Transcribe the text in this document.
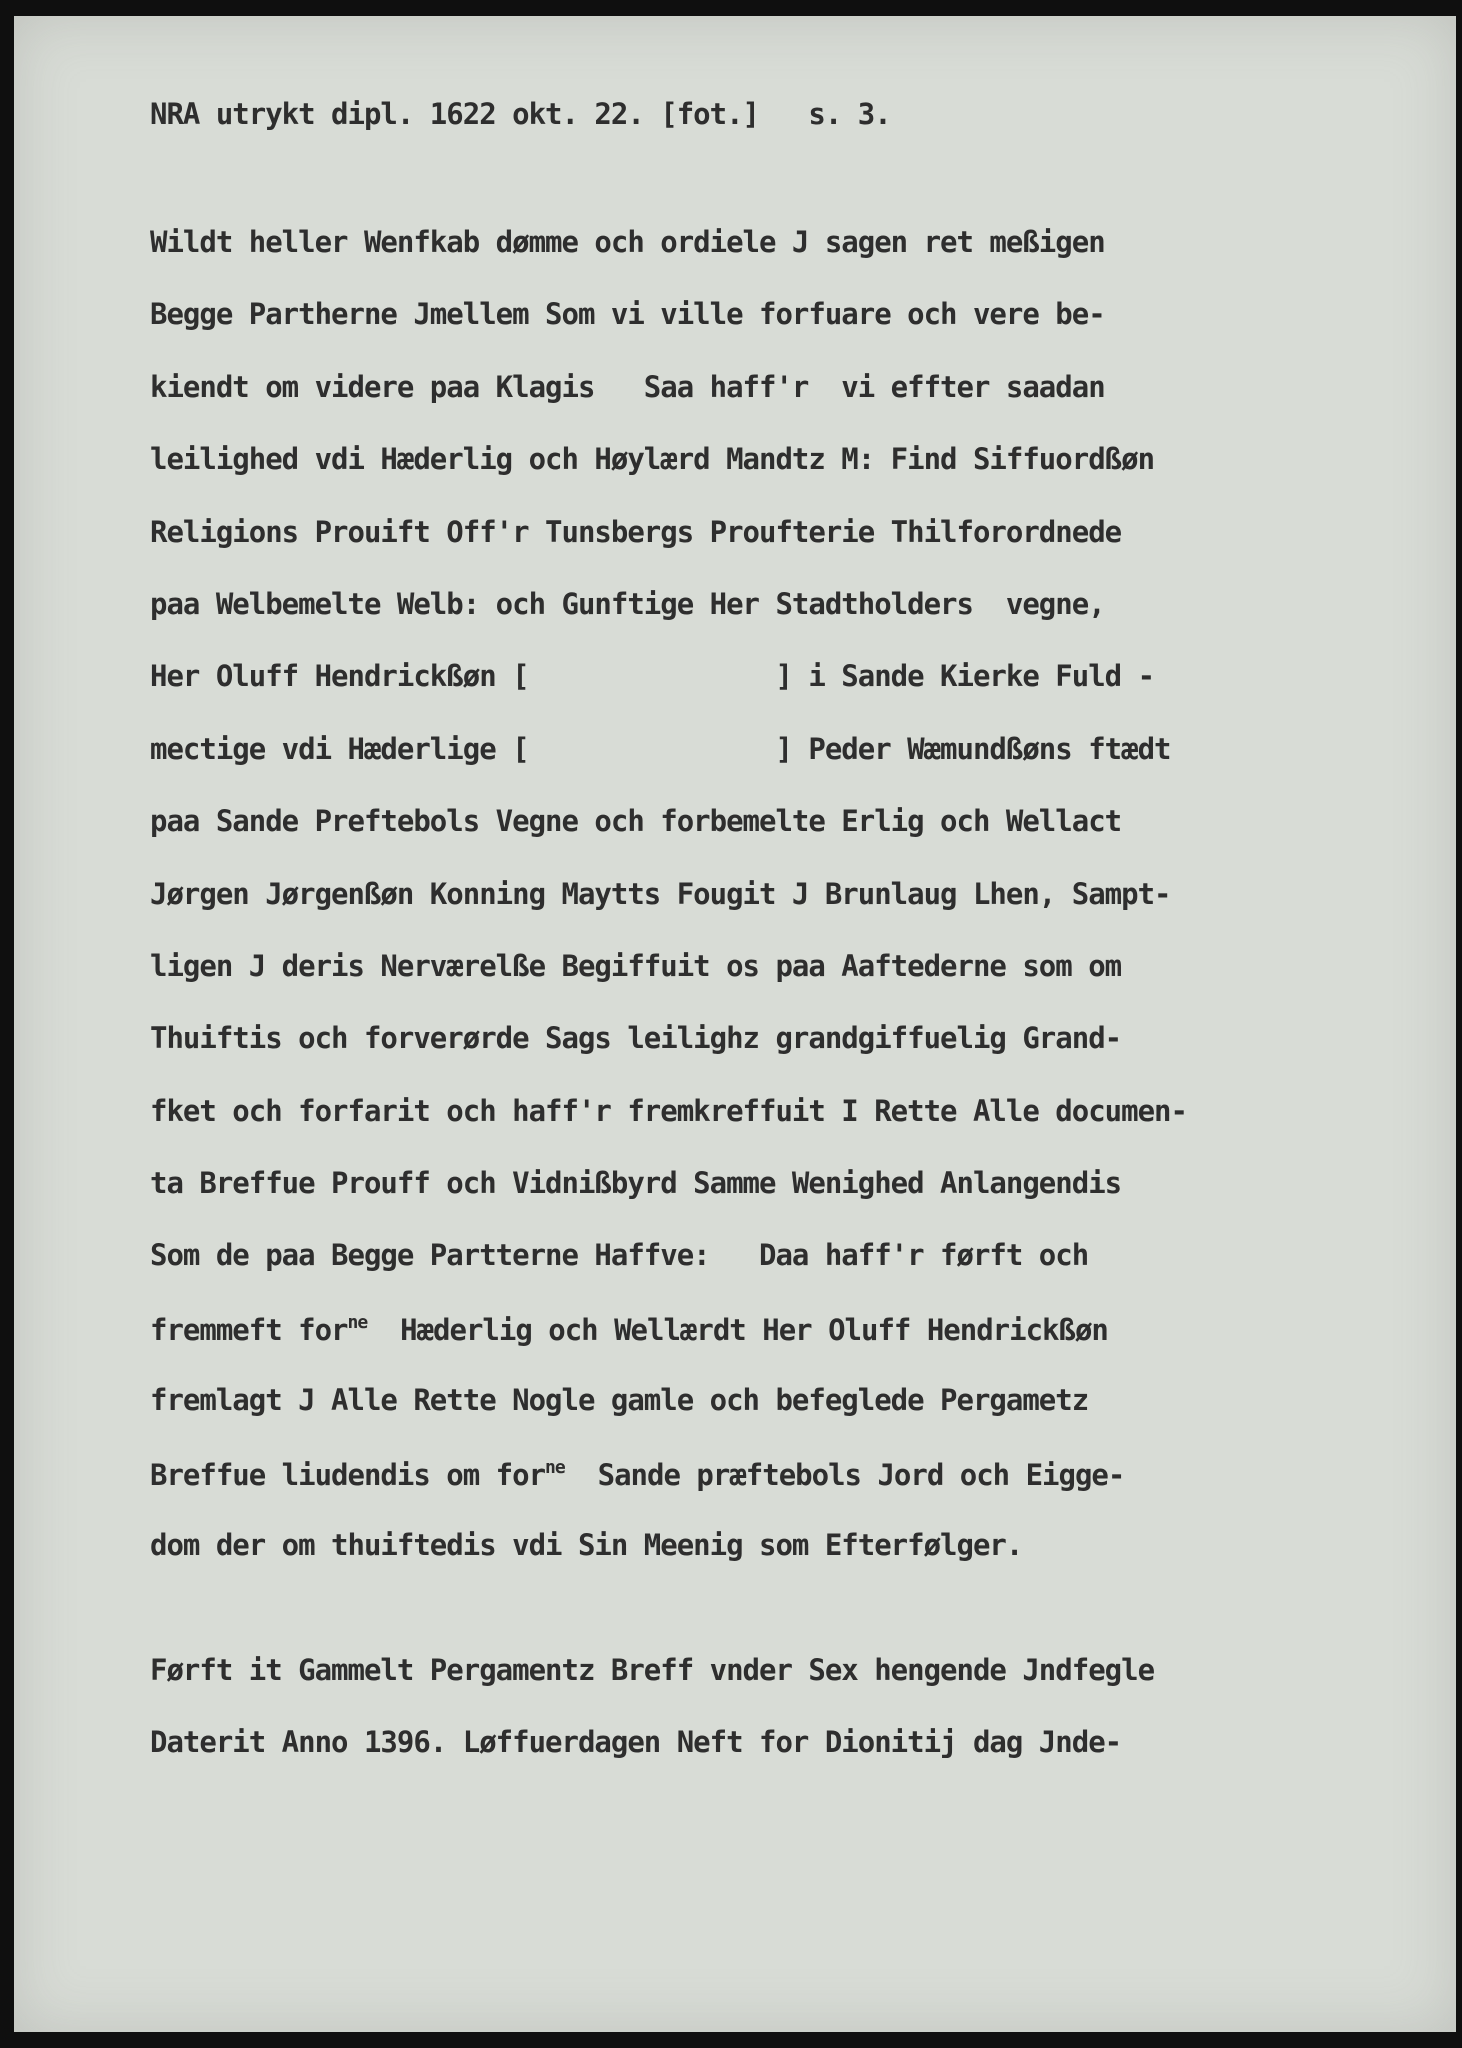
NRA utrykt dipl. 1622 okt. 22. [fot.]   s. 3.
Wildt heller Wenfkab dømme och ordiele J sagen ret meßigen
Begge Partherne Jmellem Som vi ville forfuare och vere be-
kiendt om videre paa Klagis   Saa haff'r  vi effter saadan
leilighed vdi Hæderlig och Høylærd Mandtz M: Find Siffuordßøn
Religions Prouift Off'r Tunsbergs Proufterie Thilforordnede
paa Welbemelte Welb: och Gunftige Her Stadtholders  vegne,
Her Oluff Hendrickßøn [               ] i Sande Kierke Fuld -
mectige vdi Hæderlige [               ] Peder Wæmundßøns ftædt
paa Sande Preftebols Vegne och forbemelte Erlig och Wellact
Jørgen Jørgenßøn Konning Maytts Fougit J Brunlaug Lhen, Sampt-
ligen J deris Nerværelße Begiffuit os paa Aaftederne som om
Thuiftis och forverørde Sags leilighz grandgiffuelig Grand-
fket och forfarit och haff'r fremkreffuit I Rette Alle documen-
ta Breffue Prouff och Vidnißbyrd Samme Wenighed Anlangendis
Som de paa Begge Partterne Haffve:   Daa haff'r førft och
fremmeft for$^{ne}$  Hæderlig och Wellærdt Her Oluff Hendrickßøn
fremlagt J Alle Rette Nogle gamle och befeglede Pergametz
Breffue liudendis om for$^{ne}$  Sande præftebols Jord och Eigge-
dom der om thuiftedis vdi Sin Meenig som Efterfølger.
Førft it Gammelt Pergamentz Breff vnder Sex hengende Jndfegle
Daterit Anno 1396. Løffuerdagen Neft for Dionitij dag Jnde-
